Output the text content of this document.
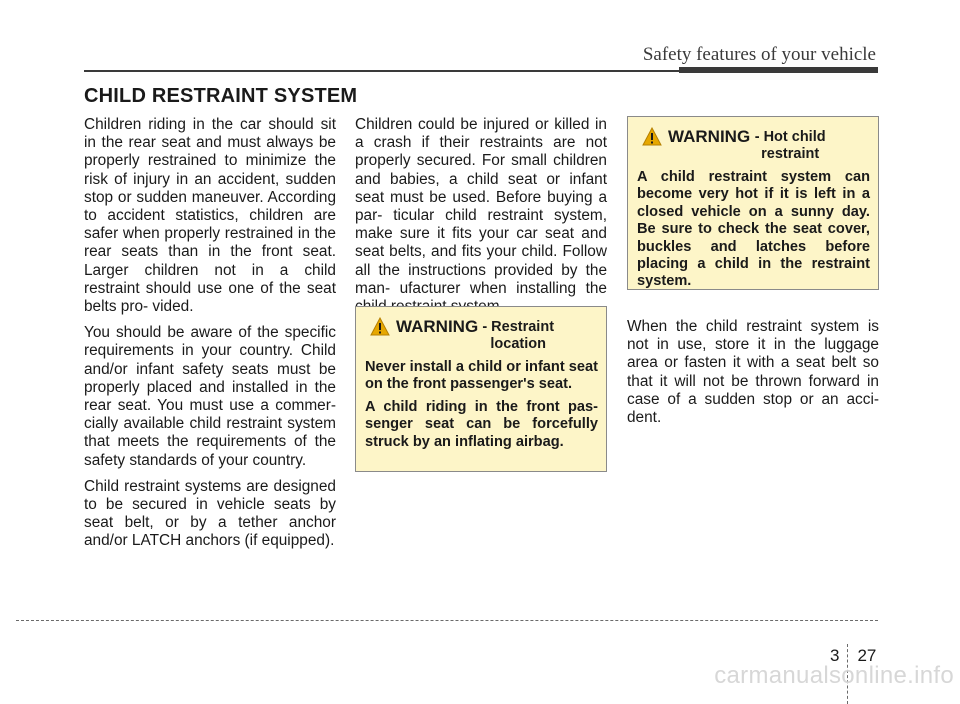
Safety features of your vehicle
CHILD RESTRAINT SYSTEM

Children riding in the car should sit in the rear seat and must always be properly restrained to minimize the risk of injury in an accident, sudden stop or sudden maneuver. According to accident statistics, children are safer when properly restrained in the rear seats than in the front seat. Larger children not in a child restraint should use one of the seat belts pro- vided.

You should be aware of the specific requirements in your country. Child and/or infant safety seats must be properly placed and installed in the rear seat. You must use a commer- cially available child restraint system that meets the requirements of the safety standards of your country.

Child restraint systems are designed to be secured in vehicle seats by seat belt, or by a tether anchor and/or LATCH anchors (if equipped).

Children could be injured or killed in a crash if their restraints are not properly secured. For small children and babies, a child seat or infant seat must be used. Before buying a par- ticular child restraint system, make sure it fits your car seat and seat belts, and fits your child. Follow all the instructions provided by the man- ufacturer when installing the

WARNING - Restraint location

Never install a child or infant seat on the front passenger's seat.

A child riding in the front pas- senger seat can be forcefully struck by an inflating airbag.

WARNING - Hot child restraint

A child restraint system can become very hot if it is left in a closed vehicle on a sunny day. Be sure to check the seat cover, buckles and latches before placing a child in the restraint system.

When the child restraint system is not in use, store it in the luggage area or fasten it with a seat belt so that it will not be thrown forward in case of a sudden stop or an acci- dent.

3 27
carmanualsonline.info
